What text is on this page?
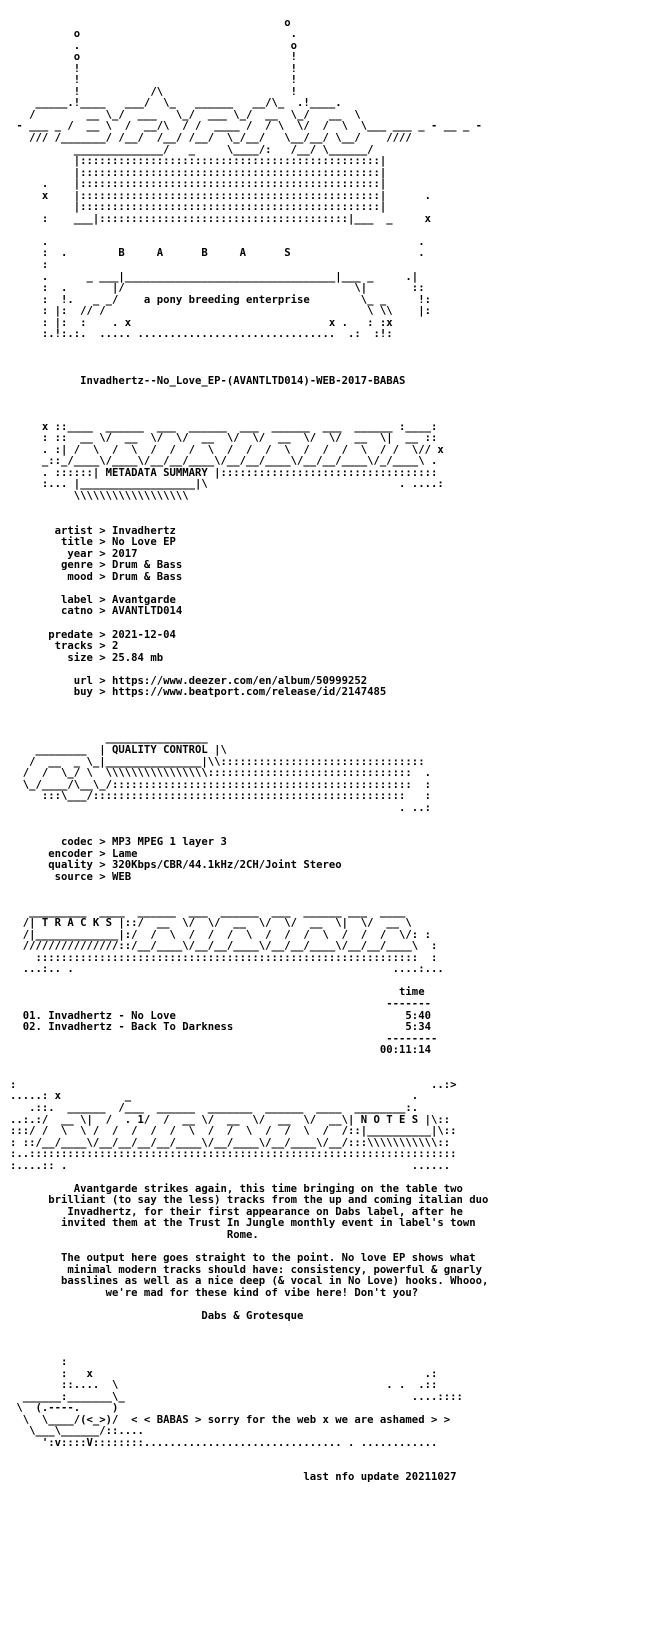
o
o                                 .
.                                 o
o                                 !
!                                 !
!                                 !
!           /\                    !
_____.!____   ___/  \_   ______   __/\_  .!____.
/        __ \_/  ___   \_/  ___ \_/  __  \_/   __  \
- ___ _ /  __ \  /  __/\  / /  ____ /  / \  \/  /  \  \___ ___ _ - __ _ -
/// /_______/ /__/  /__/ /__/  \_/__/   \__/__/ \__/    ////
______________/   _     \____/:   /__/ \______/
|:::::::::::::::::::::::::::::::::::::::::::::::|
|:::::::::::::::::::::::::::::::::::::::::::::::|
.    |:::::::::::::::::::::::::::::::::::::::::::::::|
x    |:::::::::::::::::::::::::::::::::::::::::::::::|      .
|:::::::::::::::::::::::::::::::::::::::::::::::|
:    ___|:::::::::::::::::::::::::::::::::::::::|___  _     x

.                                                          .
:  .        B     A      B     A      S                    .
:
.      _ ___|_________________________________|___ _     .|
:  .       |/                                    \|       ::
:  !.   _ _/    a pony breeding enterprise        \_ _     !:
: |:  // /                                         \ \\    |:
: |:  :    . x                               x .   : :x
:.!:.:.  ..... ...............................  .:  :!:

Invadhertz--No_Love_EP-(AVANTLTD014)-WEB-2017-BABAS

x ::____  ______  ___  ______  ___  ______  ___  ______ :____:
: ::  __ \/  __  \/  \/  __  \/  \/  __  \/  \/  __  \|  __ ::
. :| /  \  /  \  /  /  /  \  /  /  /  \  /  /  /  \  / /  \// x
_::_/____\/____\/__/__/____\/__/__/____\/__/__/____\/_/____\ .
. ::::::| METADATA SUMMARY |::::::::::::::::::::::::::::::::::
:... |__________________|\                              . ....:
\\\\\\\\\\\\\\\\\\

artist > Invadhertz
title > No Love EP
year > 2017
genre > Drum & Bass
mood > Drum & Bass

label > Avantgarde
catno > AVANTLTD014

predate > 2021-12-04
tracks > 2
size > 25.84 mb

url > https://www.deezer.com/en/album/50999252
buy > https://www.beatport.com/release/id/2147485

________________
________  | QUALITY CONTROL |\
/  __  _ \_|_______________|\\::::::::::::::::::::::::::::::::
/  /  \_/ \  \\\\\\\\\\\\\\\\::::::::::::::::::::::::::::::::  .
\_/____/\__\_/:::::::::::::::::::::::::::::::::::::::::::::::  :
:::\___/:::::::::::::::::::::::::::::::::::::::::::::::::   :
. ..:

codec > MP3 MPEG 1 layer 3
encoder > Lame
quality > 320Kbps/CBR/44.1kHz/2CH/Joint Stereo
source > WEB

_________  ____  ______  ___  ______  ___  ______ ___  ____
/| T R A C K S |::/  __  \/  \/  __  \/  \/  __  \|  \/  __ \
/|_____________|:/  /  \  /  /  /  \  /  /  /  \  /  /  /  \/: :
///////////////::/__/____\/__/__/____\/__/__/____\/__/__/____\  :
::::::::::::::::::::::::::::::::::::::::::::::::::::::::::::  :
...:.. .                                                  ....:...

time
-------
01. Invadhertz - No Love                                    5:40
02. Invadhertz - Back To Darkness                           5:34
--------
00:11:14

:                                                                 ..:>
.....: x          _                                            .
.::.  ______  /___  ______  _______  ______  ____  ________:.
..:.:/  __ \|  /  . 1/  /  __ \/  __  \/  __  \/  __\| N O T E S |\::
:::/ /  \  \ /  /  /  /  /  \  /  /  \  /  /  \  /  /::|__________|\::
: ::/__/____\/__/__/__/__/____\/__/____\/__/____\/__/:::\\\\\\\\\\\::
:..:::::::::::::::::::::::::::::::::::::::::::::::::::::::::::::::::::
:....:: .                                                      ......

Avantgarde strikes again, this time bringing on the table two
brilliant (to say the less) tracks from the up and coming italian duo
Invadhertz, for their first appearance on Dabs label, after he
invited them at the Trust In Jungle monthly event in label's town
Rome.

The output here goes straight to the point. No love EP shows what
minimal modern tracks should have: consistency, powerful & gnarly
basslines as well as a nice deep (& vocal in No Love) hooks. Whooo,
we're mad for these kind of vibe here! Don't you?

Dabs & Grotesque

:
:   x                                                    .:
::....  \                                          . .  .::
______:_______\_                                             ....::::
\  (.----.     )
\  \____/(<_>)/  < < BABAS > sorry for the web x we are ashamed > >
\___\______/::....
':v::::V::::::::............................... . ............

last nfo update 20211027
